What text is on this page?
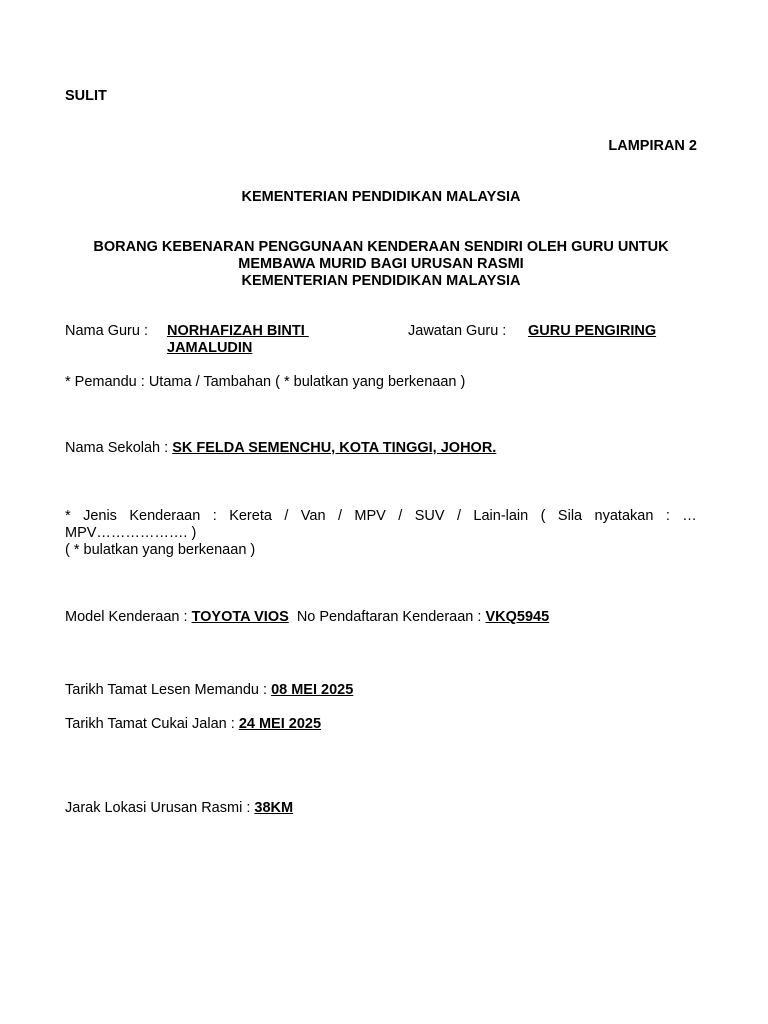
SULIT
LAMPIRAN 2
KEMENTERIAN PENDIDIKAN MALAYSIA
BORANG KEBENARAN PENGGUNAAN KENDERAAN SENDIRI OLEH GURU UNTUK
MEMBAWA MURID BAGI URUSAN RASMI
KEMENTERIAN PENDIDIKAN MALAYSIA
Nama Guru : NORHAFIZAH BINTI
JAMALUDIN
Jawatan Guru : GURU PENGIRING
* Pemandu : Utama / Tambahan ( * bulatkan yang berkenaan )
Nama Sekolah : SK FELDA SEMENCHU, KOTA TINGGI, JOHOR.
* Jenis Kenderaan : Kereta / Van / MPV / SUV / Lain-lain ( Sila nyatakan : …
MPV………………. )
( * bulatkan yang berkenaan )
Model Kenderaan : TOYOTA VIOS No Pendaftaran Kenderaan : VKQ5945
Tarikh Tamat Lesen Memandu : 08 MEI 2025
Tarikh Tamat Cukai Jalan : 24 MEI 2025
Jarak Lokasi Urusan Rasmi : 38KM
